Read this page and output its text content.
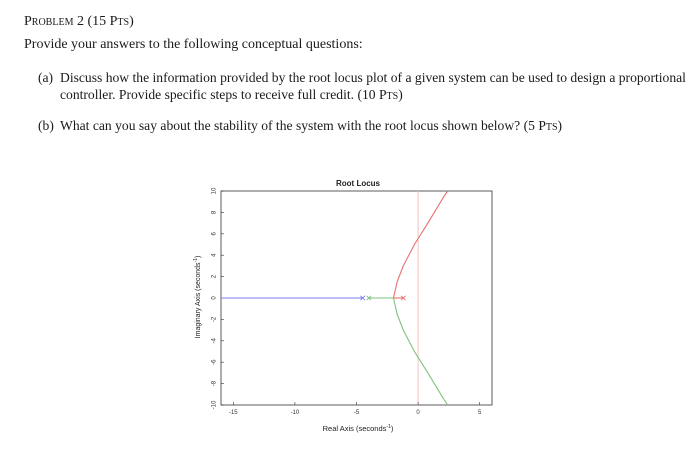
Problem 2 (15 Pts)
Provide your answers to the following conceptual questions:
(a) Discuss how the information provided by the root locus plot of a given system can be used to design a proportional controller. Provide specific steps to receive full credit. (10 Pts)
(b) What can you say about the stability of the system with the root locus shown below? (5 Pts)
Root Locus
-15	-10	-5	0	5
-10
-8
-6
-4
-2
0
2
4
6
8
10
Real Axis (seconds$^{-1}$)
Imaginary Axis (seconds$^{-1}$)
